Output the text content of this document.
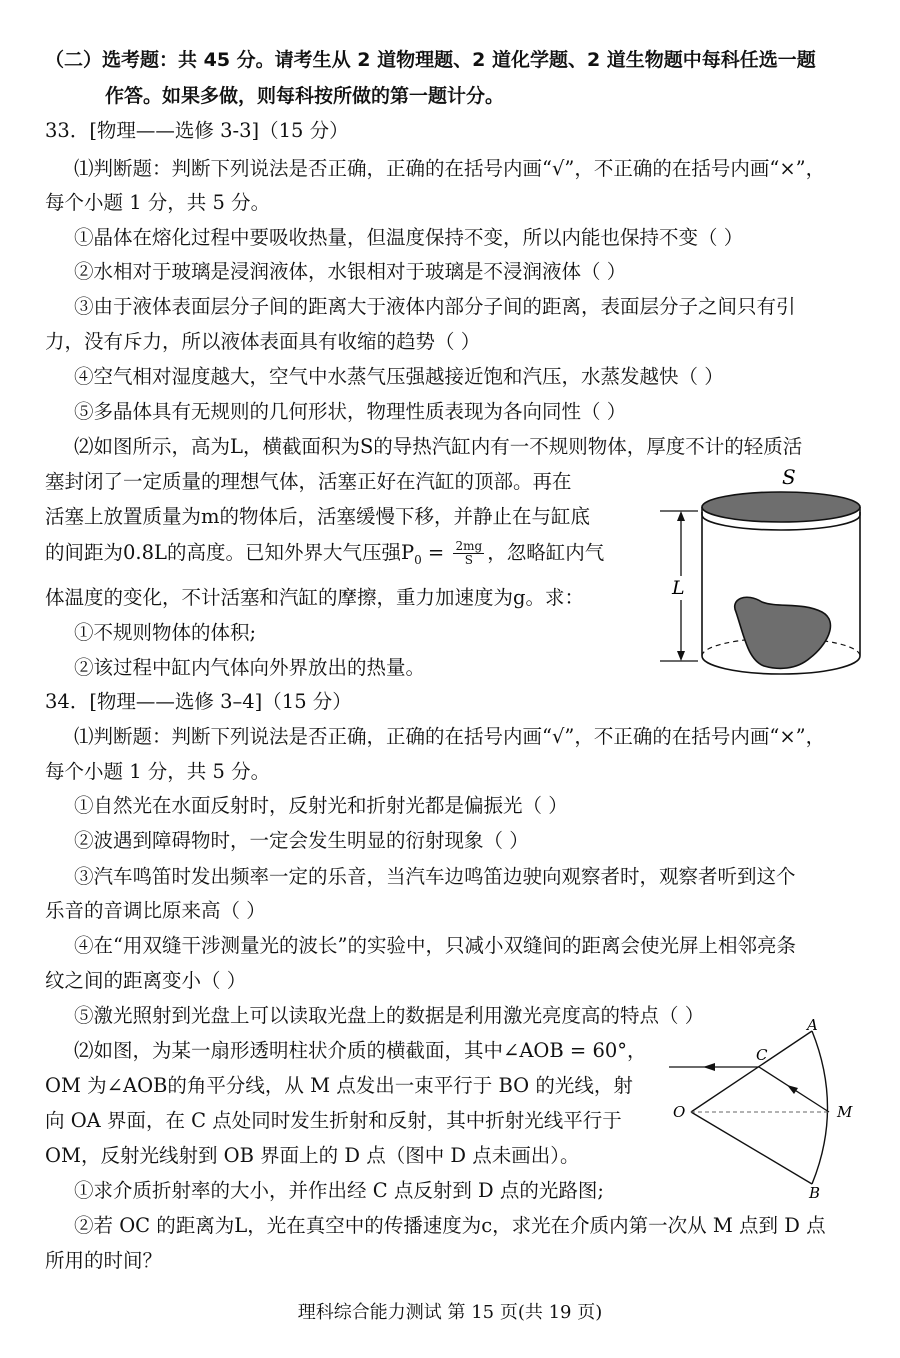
（二）选考题：共 45 分。请考生从 2 道物理题、2 道化学题、2 道生物题中每科任选一题
作答。如果多做，则每科按所做的第一题计分。
33．[物理——选修 3-3]（15 分）
⑴判断题：判断下列说法是否正确，正确的在括号内画“√”，不正确的在括号内画“×”，
每个小题 1 分，共 5 分。
①晶体在熔化过程中要吸收热量，但温度保持不变，所以内能也保持不变（ ）
②水相对于玻璃是浸润液体，水银相对于玻璃是不浸润液体（ ）
③由于液体表面层分子间的距离大于液体内部分子间的距离，表面层分子之间只有引
力，没有斥力，所以液体表面具有收缩的趋势（ ）
④空气相对湿度越大，空气中水蒸气压强越接近饱和汽压，水蒸发越快（ ）
⑤多晶体具有无规则的几何形状，物理性质表现为各向同性（ ）
⑵如图所示，高为L，横截面积为S的导热汽缸内有一不规则物体，厚度不计的轻质活
塞封闭了一定质量的理想气体，活塞正好在汽缸的顶部。再在
活塞上放置质量为m的物体后，活塞缓慢下移，并静止在与缸底
的间距为0.8L的高度。已知外界大气压强$P_0 = \frac{2mg}{S}$ ，忽略缸内气
体温度的变化，不计活塞和汽缸的摩擦，重力加速度为g。求：
①不规则物体的体积;
②该过程中缸内气体向外界放出的热量。
S
L
34．[物理——选修 3–4]（15 分）
⑴判断题：判断下列说法是否正确，正确的在括号内画“√”，不正确的在括号内画“×”，
每个小题 1 分，共 5 分。
①自然光在水面反射时，反射光和折射光都是偏振光（ ）
②波遇到障碍物时，一定会发生明显的衍射现象（ ）
③汽车鸣笛时发出频率一定的乐音，当汽车边鸣笛边驶向观察者时，观察者听到这个
乐音的音调比原来高（ ）
④在“用双缝干涉测量光的波长”的实验中，只减小双缝间的距离会使光屏上相邻亮条
纹之间的距离变小（ ）
⑤激光照射到光盘上可以读取光盘上的数据是利用激光亮度高的特点（ ）
⑵如图，为某一扇形透明柱状介质的横截面，其中∠AOB = 60°，
OM 为∠AOB的角平分线，从 M 点发出一束平行于 BO 的光线，射
向 OA 界面，在 C 点处同时发生折射和反射，其中折射光线平行于
OM，反射光线射到 OB 界面上的 D 点（图中 D 点未画出）。
①求介质折射率的大小，并作出经 C 点反射到 D 点的光路图;
②若 OC 的距离为L，光在真空中的传播速度为c，求光在介质内第一次从 M 点到 D 点
所用的时间？
A
C
O	M
B
理科综合能力测试 第 15 页(共 19 页)
